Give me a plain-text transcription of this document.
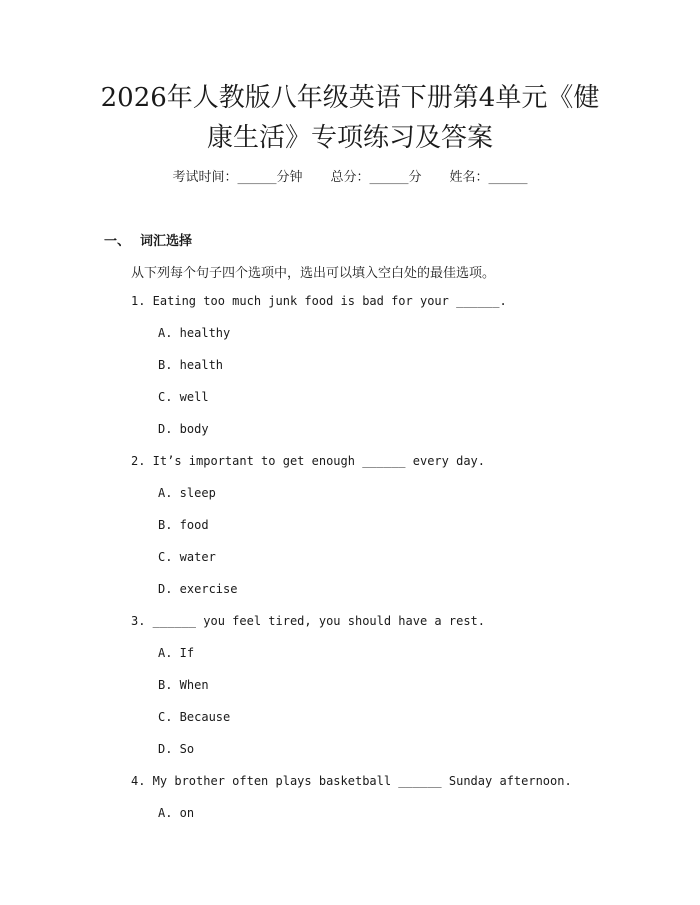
2026年人教版八年级英语下册第4单元《健
康生活》专项练习及答案
考试时间：______分钟 总分：______分 姓名：______
一、 词汇选择
从下列每个句子四个选项中，选出可以填入空白处的最佳选项。
1. Eating too much junk food is bad for your ______.
A. healthy
B. health
C. well
D. body
2. It’s important to get enough ______ every day.
A. sleep
B. food
C. water
D. exercise
3. ______ you feel tired, you should have a rest.
A. If
B. When
C. Because
D. So
4. My brother often plays basketball ______ Sunday afternoon.
A. on
